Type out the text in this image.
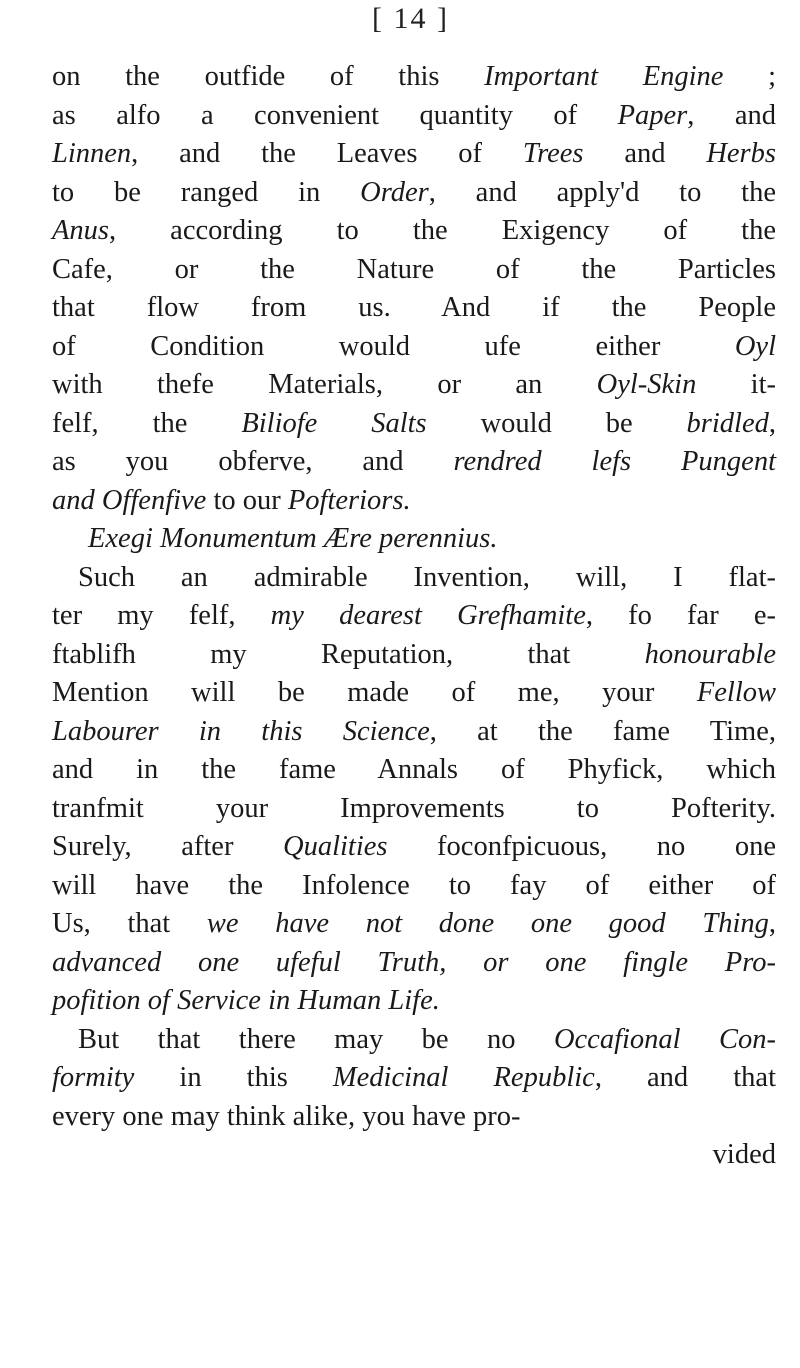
[ 14 ]
on the outfide of this Important Engine ;
as alfo a convenient quantity of Paper, and
Linnen, and the Leaves of Trees and Herbs
to be ranged in Order, and apply'd to the
Anus, according to the Exigency of the
Cafe, or the Nature of the Particles
that flow from us. And if the People
of Condition would ufe either Oyl
with thefe Materials, or an Oyl-Skin it-
felf, the Biliofe Salts would be bridled,
as you obferve, and rendred lefs Pungent
and Offenfive to our Pofteriors.
Exegi Monumentum Ære perennius.
Such an admirable Invention, will, I flat-
ter my felf, my dearest Grefhamite, fo far e-
ftablifh my Reputation, that honourable
Mention will be made of me, your Fellow
Labourer in this Science, at the fame Time,
and in the fame Annals of Phyfick, which
tranfmit your Improvements to Pofterity.
Surely, after Qualities foconfpicuous, no one
will have the Infolence to fay of either of
Us, that we have not done one good Thing,
advanced one ufeful Truth, or one fingle Pro-
pofition of Service in Human Life.
But that there may be no Occafional Con-
formity in this Medicinal Republic, and that
every one may think alike, you have pro-
vided
